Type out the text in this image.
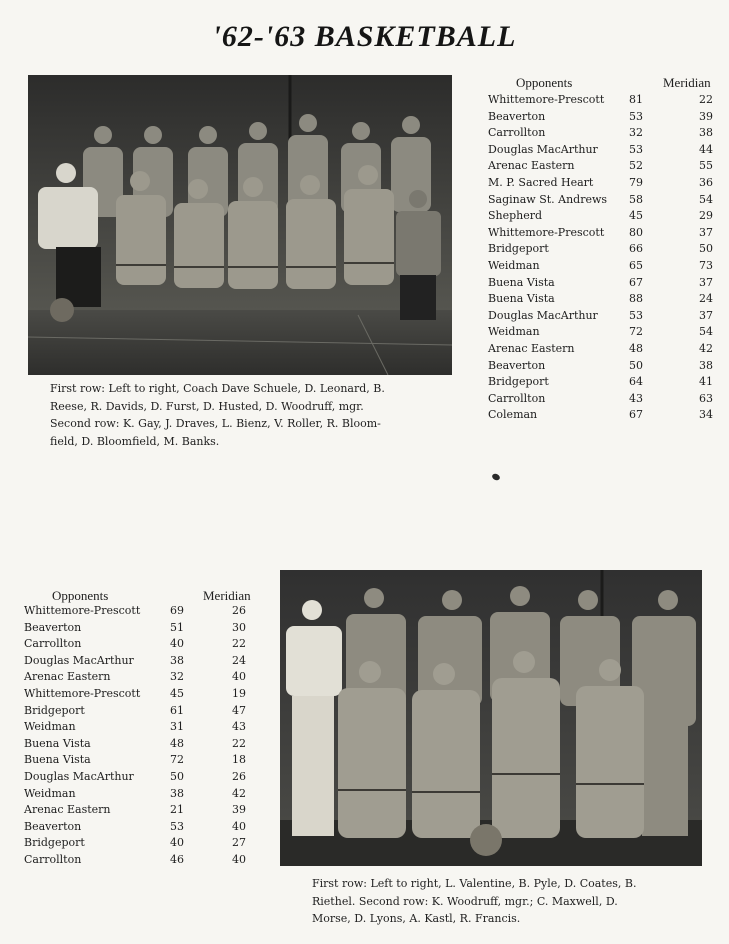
'62-'63 BASKETBALL
First row: Left to right, Coach Dave Schuele, D. Leonard, B.
Reese, R. Davids, D. Furst, D. Husted, D. Woodruff, mgr.
Second row: K. Gay, J. Draves, L. Bienz, V. Roller, R. Bloom-
field, D. Bloomfield, M. Banks.
Opponents	Meridian
Whittemore-Prescott	81	22
Beaverton	53	39
Carrollton	32	38
Douglas MacArthur	53	44
Arenac Eastern	52	55
M. P. Sacred Heart	79	36
Saginaw St. Andrews	58	54
Shepherd	45	29
Whittemore-Prescott	80	37
Bridgeport	66	50
Weidman	65	73
Buena Vista	67	37
Buena Vista	88	24
Douglas MacArthur	53	37
Weidman	72	54
Arenac Eastern	48	42
Beaverton	50	38
Bridgeport	64	41
Carrollton	43	63
Coleman	67	34
Opponents	Meridian
Whittemore-Prescott	69	26
Beaverton	51	30
Carrollton	40	22
Douglas MacArthur	38	24
Arenac Eastern	32	40
Whittemore-Prescott	45	19
Bridgeport	61	47
Weidman	31	43
Buena Vista	48	22
Buena Vista	72	18
Douglas MacArthur	50	26
Weidman	38	42
Arenac Eastern	21	39
Beaverton	53	40
Bridgeport	40	27
Carrollton	46	40
First row: Left to right, L. Valentine, B. Pyle, D. Coates, B.
Riethel. Second row: K. Woodruff, mgr.; C. Maxwell, D.
Morse, D. Lyons, A. Kastl, R. Francis.
